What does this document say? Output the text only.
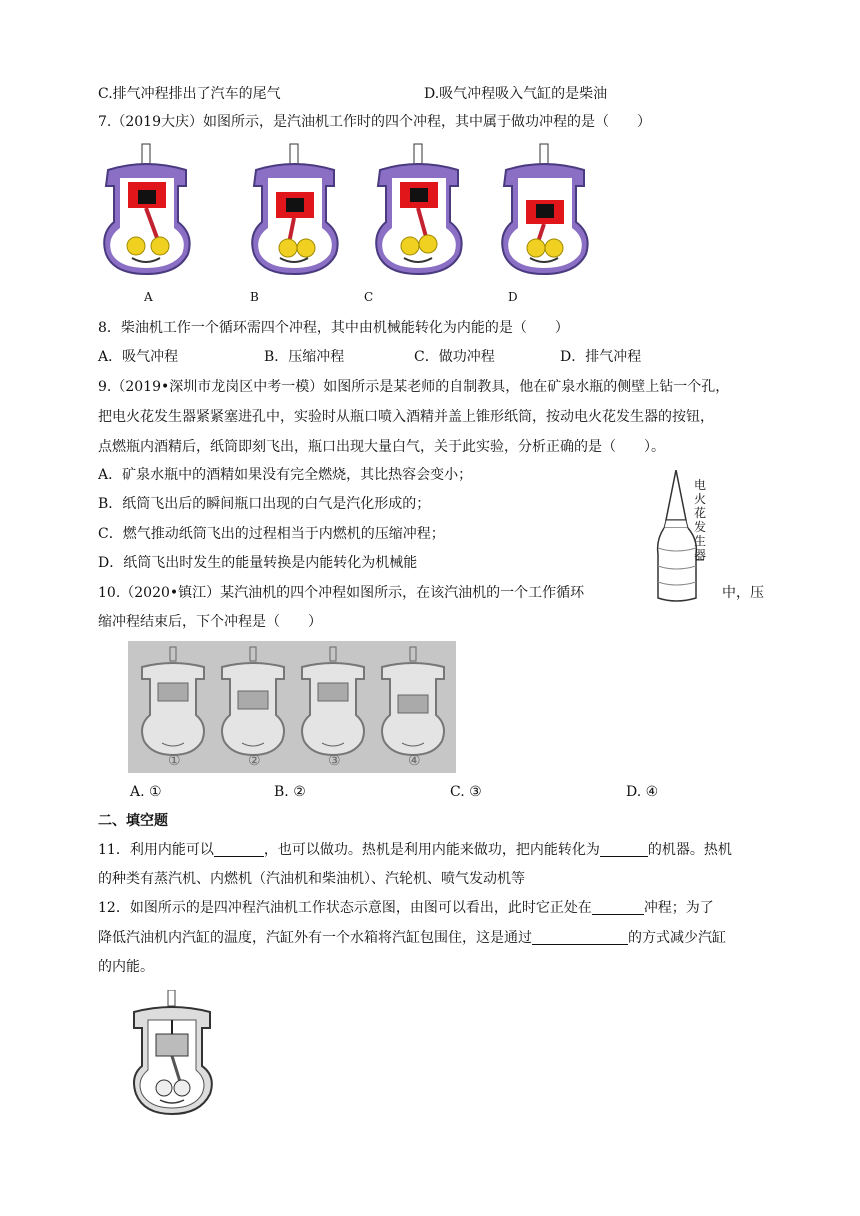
C.排气冲程排出了汽车的尾气	D.吸气冲程吸入气缸的是柴油
7.（2019大庆）如图所示，是汽油机工作时的四个冲程，其中属于做功冲程的是（　　）
A	B	C	D
8．柴油机工作一个循环需四个冲程，其中由机械能转化为内能的是（　　）
A．吸气冲程	B．压缩冲程	C．做功冲程	D．排气冲程
9.（2019•深圳市龙岗区中考一模）如图所示是某老师的自制教具，他在矿泉水瓶的侧壁上钻一个孔，
把电火花发生器紧紧塞进孔中，实验时从瓶口喷入酒精并盖上锥形纸筒，按动电火花发生器的按钮，
点燃瓶内酒精后，纸筒即刻飞出，瓶口出现大量白气，关于此实验，分析正确的是（　　）。
A．矿泉水瓶中的酒精如果没有完全燃烧，其比热容会变小；
B．纸筒飞出后的瞬间瓶口出现的白气是汽化形成的；
C．燃气推动纸筒飞出的过程相当于内燃机的压缩冲程；
D．纸筒飞出时发生的能量转换是内能转化为机械能
电火花发生器
10.（2020•镇江）某汽油机的四个冲程如图所示，在该汽油机的一个工作循环	中，压
缩冲程结束后，下个冲程是（　　）
①	②	③	④
A. ①	B. ②	C. ③	D. ④
二、填空题
11．利用内能可以	，也可以做功。热机是利用内能来做功，把内能转化为	的机器。热机
的种类有蒸汽机、内燃机（汽油机和柴油机）、汽轮机、喷气发动机等
12．如图所示的是四冲程汽油机工作状态示意图，由图可以看出，此时它正处在	冲程；为了
降低汽油机内汽缸的温度，汽缸外有一个水箱将汽缸包围住，这是通过	的方式减少汽缸
的内能。
